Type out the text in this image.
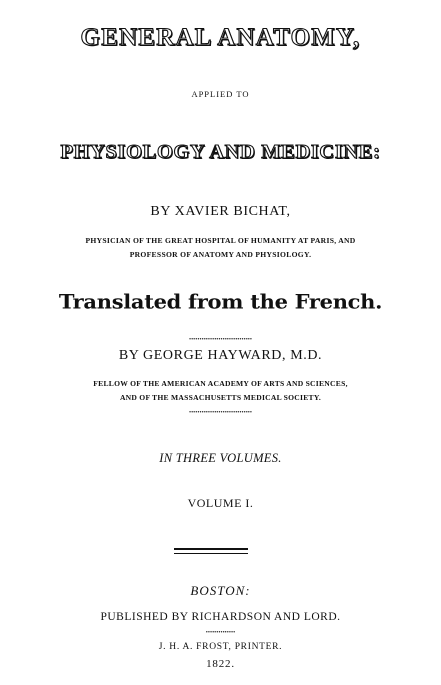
GENERAL ANATOMY,
APPLIED TO
PHYSIOLOGY AND MEDICINE:
BY XAVIER BICHAT,
PHYSICIAN OF THE GREAT HOSPITAL OF HUMANITY AT PARIS, AND
PROFESSOR OF ANATOMY AND PHYSIOLOGY.
Translated from the French.
••••••••••••••••••••••••••••••
BY GEORGE HAYWARD, M.D.
FELLOW OF THE AMERICAN ACADEMY OF ARTS AND SCIENCES,
AND OF THE MASSACHUSETTS MEDICAL SOCIETY.
••••••••••••••••••••••••••••••
IN THREE VOLUMES.
VOLUME I.
BOSTON:
PUBLISHED BY RICHARDSON AND LORD.
••••••••••••••
J. H. A. FROST, PRINTER.
1822.
